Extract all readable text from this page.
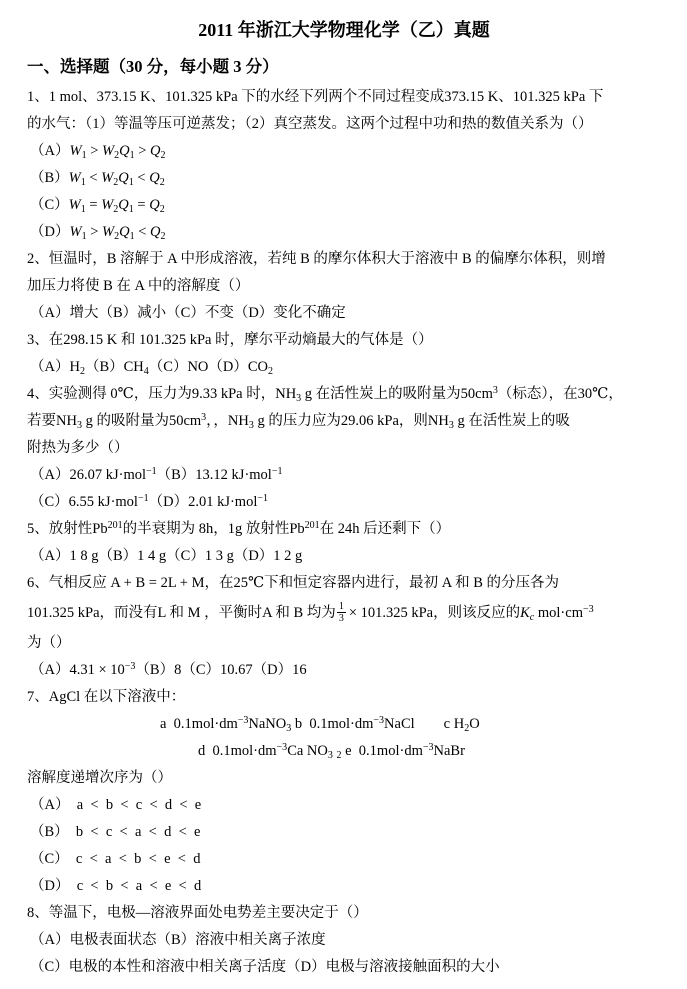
2011 年浙江大学物理化学（乙）真题
一、选择题（30 分，每小题 3 分）
1、1 mol、373.15 K、101.325 kPa 下的水经下列两个不同过程变成373.15 K、101.325 kPa 下
的水气：（1）等温等压可逆蒸发；（2）真空蒸发。这两个过程中功和热的数值关系为（）
$(A)W_1 > W_2Q_1 > Q_2$
$(B)W_1 < W_2Q_1 < Q_2$
$(C)W_1 = W_2Q_1 = Q_2$
$(D)W_1 > W_2Q_1 < Q_2$
2、恒温时，B 溶解于 A 中形成溶液，若纯 B 的摩尔体积大于溶液中 B 的偏摩尔体积，则增
加压力将使 B 在 A 中的溶解度（）
（A）增大（B）减小（C）不变（D）变化不确定
3、在298.15 K 和 101.325 kPa 时，摩尔平动熵最大的气体是（）
$(A)H_2(B)CH_4(C)NO(D)CO_2$
4、实验测得 0℃，压力为9.33 kPa 时，$NH_3$ g 在活性炭上的吸附量为$50cm^3$（标态），在30℃，
若要$NH_3$ g 的吸附量为$50cm^3$，，$NH_3$ g 的压力应为29.06 kPa，则$NH_3$ g 在活性炭上的吸
附热为多少（）
（A）26.07 kJ·mol$^{-1}$（B）13.12 kJ·mol$^{-1}$
（C）6.55 kJ·mol$^{-1}$（D）2.01 kJ·mol$^{-1}$
5、放射性Pb$^{201}$的半衰期为 8h，1g 放射性Pb$^{201}$在 24h 后还剩下（）
（A）1 8 g（B）1 4 g（C）1 3 g（D）1 2 g
6、气相反应 A + B = 2L + M，在25℃下和恒定容器内进行，最初 A 和 B 的分压各为
101.325 kPa，而没有L 和 M ，平衡时A 和 B 均为 $\frac{1}{3} \times 101.325$ kPa，则该反应的$K_c$ $mol\cdot cm^{-3}$
为（）
$(A)4.31 \times 10^{-3}(B)8(C)10.67(D)16$
7、AgCl 在以下溶液中：
a  $0.1mol\cdot dm^{-3}NaNO_3$ b  $0.1mol\cdot dm^{-3}NaCl$        c $H_2O$
d  $0.1mol\cdot dm^{-3}Ca$ $NO_3$ $_2$ e  $0.1mol\cdot dm^{-3}NaBr$
溶解度递增次序为（）
（A）  a  <  b  <  c  <  d  <  e
（B）  b  <  c  <  a  <  d  <  e
（C）  c  <  a  <  b  <  e  <  d
（D）  c  <  b  <  a  <  e  <  d
8、等温下，电极—溶液界面处电势差主要决定于（）
（A）电极表面状态（B）溶液中相关离子浓度
（C）电极的本性和溶液中相关离子活度（D）电极与溶液接触面积的大小
